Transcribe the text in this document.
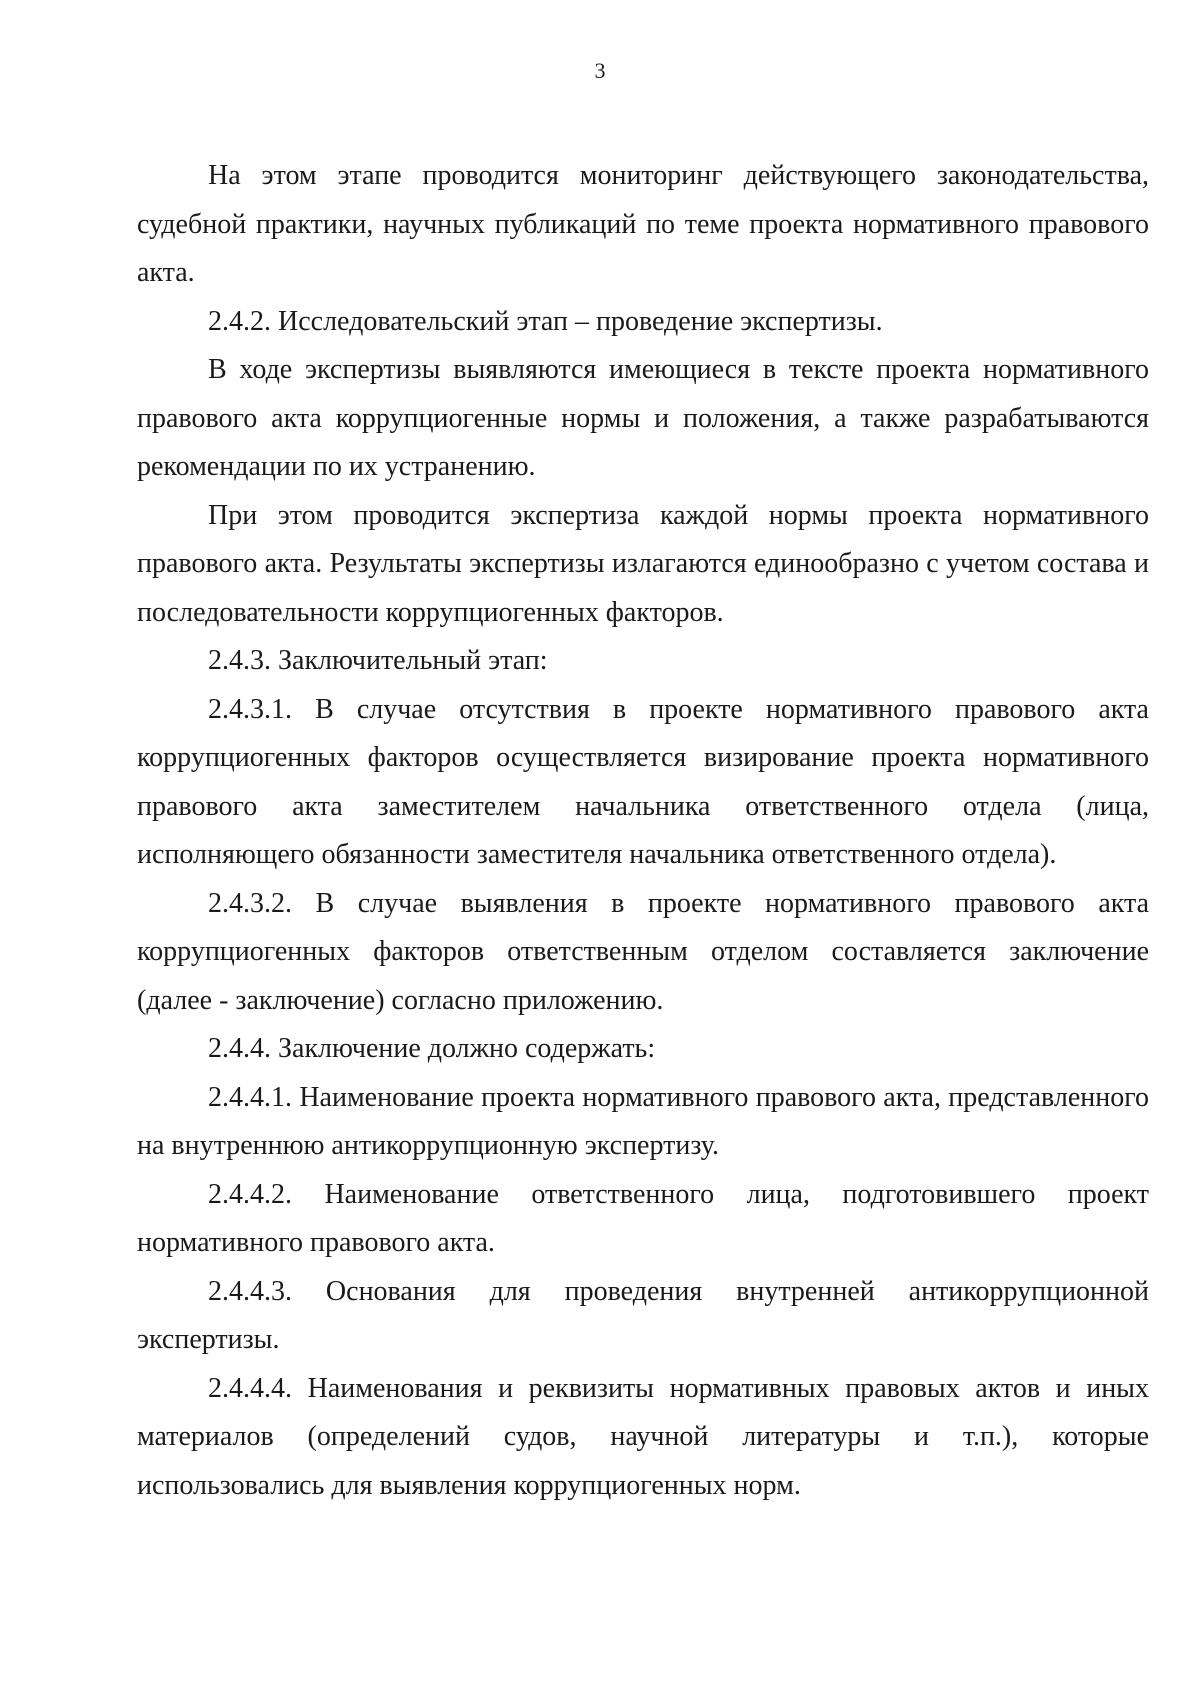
3

На этом этапе проводится мониторинг действующего законодательства, судебной практики, научных публикаций по теме проекта нормативного правового акта.

2.4.2. Исследовательский этап – проведение экспертизы.

В ходе экспертизы выявляются имеющиеся в тексте проекта нормативного правового акта коррупциогенные нормы и положения, а также разрабатываются рекомендации по их устранению.

При этом проводится экспертиза каждой нормы проекта нормативного правового акта. Результаты экспертизы излагаются единообразно с учетом состава и последовательности коррупциогенных факторов.

2.4.3. Заключительный этап:

2.4.3.1. В случае отсутствия в проекте нормативного правового акта коррупциогенных факторов осуществляется визирование проекта нормативного правового акта заместителем начальника ответственного отдела (лица, исполняющего обязанности заместителя начальника ответственного отдела).

2.4.3.2. В случае выявления в проекте нормативного правового акта коррупциогенных факторов ответственным отделом составляется заключение (далее - заключение) согласно приложению.

2.4.4. Заключение должно содержать:

2.4.4.1. Наименование проекта нормативного правового акта, представленного на внутреннюю антикоррупционную экспертизу.

2.4.4.2. Наименование ответственного лица, подготовившего проект нормативного правового акта.

2.4.4.3. Основания для проведения внутренней антикоррупционной экспертизы.

2.4.4.4. Наименования и реквизиты нормативных правовых актов и иных материалов (определений судов, научной литературы и т.п.), которые использовались для выявления коррупциогенных норм.
